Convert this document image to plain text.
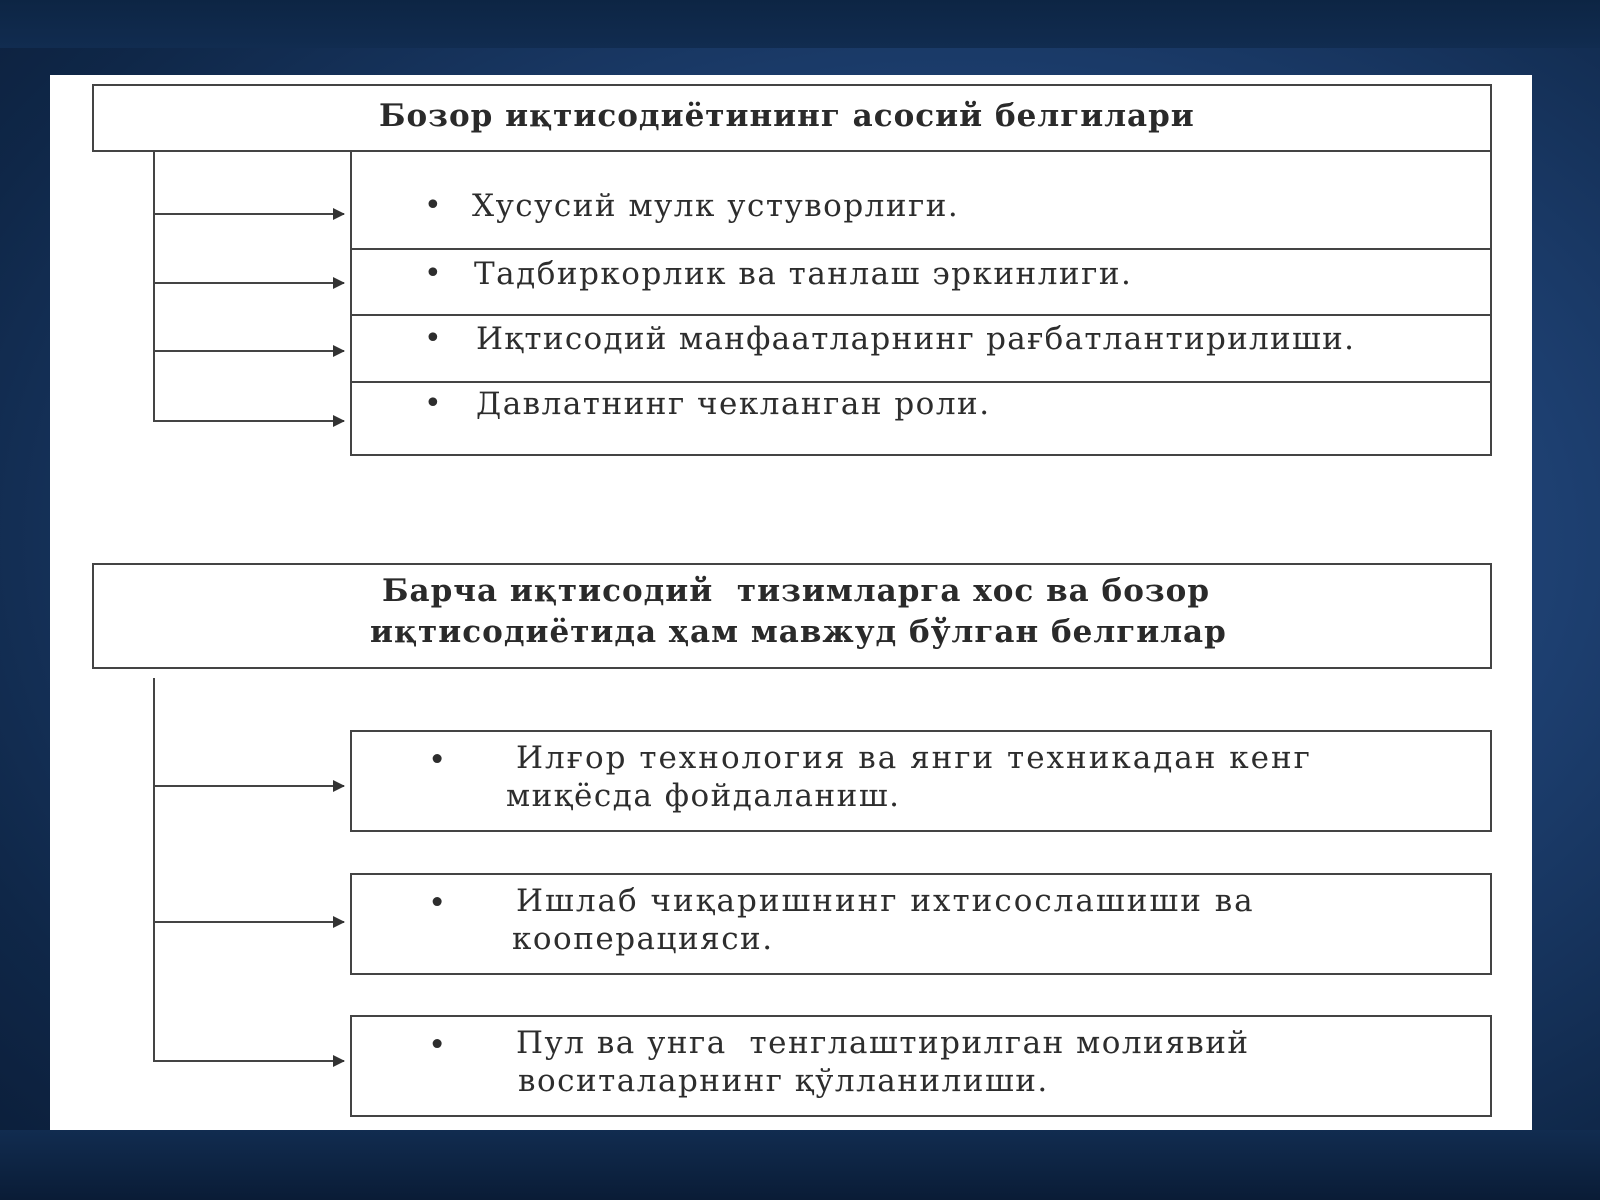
Бозор иқтисодиётининг асосий белгилари
• Хусусий мулк устуворлиги.
• Тадбиркорлик ва танлаш эркинлиги.
• Иқтисодий манфаатларнинг рағбатлантирилиши.
• Давлатнинг чекланган роли.
Барча иқтисодий  тизимларга хос ва бозор
иқтисодиётида ҳам мавжуд бўлган белгилар
• Илғор технология ва янги техникадан кенг
миқёсда фойдаланиш.
• Ишлаб чиқаришнинг ихтисослашиши ва
кооперацияси.
• Пул ва унга  тенглаштирилган молиявий
воситаларнинг қўлланилиши.
